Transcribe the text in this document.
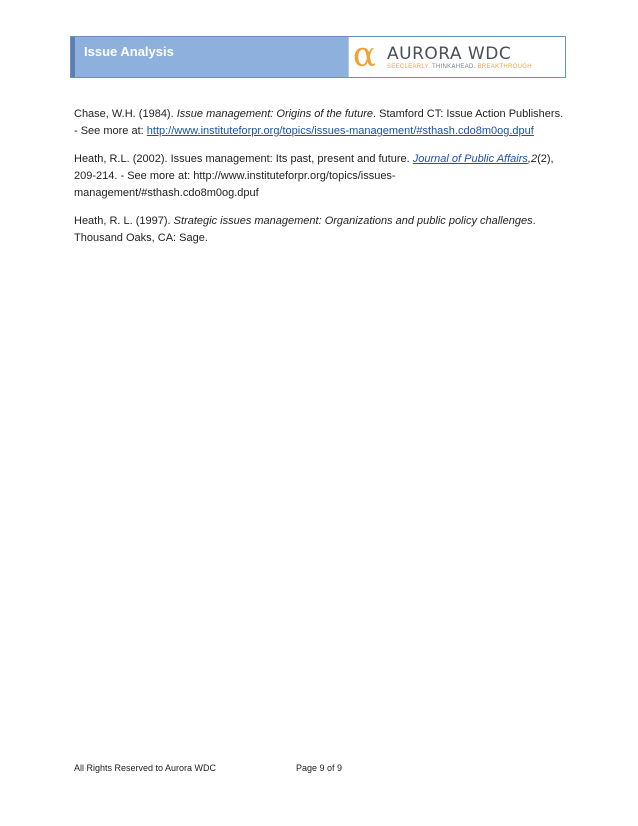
Issue Analysis	α AURORA WDC
SEECLEARLY. THINKAHEAD. BREAKTHROUGH

Chase, W.H. (1984). Issue management: Origins of the future. Stamford CT: Issue Action Publishers. - See more at: http://www.instituteforpr.org/topics/issues-management/#sthash.cdo8m0og.dpuf

Heath, R.L. (2002). Issues management: Its past, present and future. Journal of Public Affairs,2(2), 209-214. - See more at: http://www.instituteforpr.org/topics/issues-management/#sthash.cdo8m0og.dpuf

Heath, R. L. (1997). Strategic issues management: Organizations and public policy challenges. Thousand Oaks, CA: Sage.

All Rights Reserved to Aurora WDC	Page 9 of 9
